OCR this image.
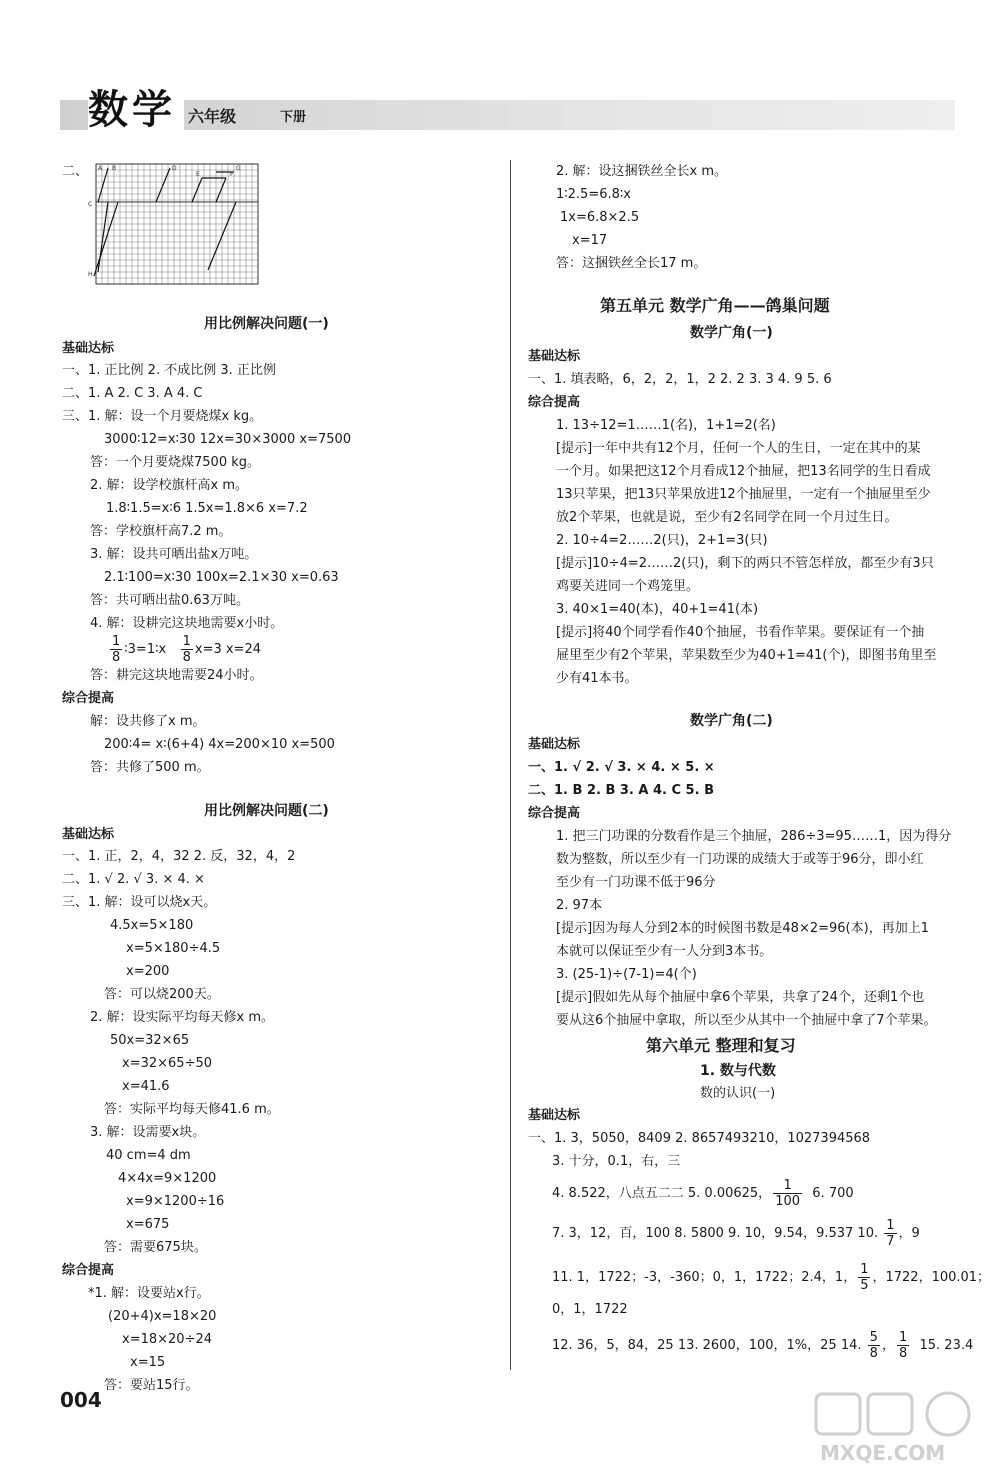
数学 六年级	下册
二、 A B
C
D
E	F
G
H
用比例解决问题(一)
基础达标
一、1. 正比例 2. 不成比例 3. 正比例
二、1. A 2. C 3. A 4. C
三、1. 解：设一个月要烧煤x kg。
3000∶12=x∶30 12x=30×3000 x=7500
答：一个月要烧煤7500 kg。
2. 解：设学校旗杆高x m。
1.8∶1.5=x∶6 1.5x=1.8×6 x=7.2
答：学校旗杆高7.2 m。
3. 解：设共可晒出盐x万吨。
2.1∶100=x∶30 100x=2.1×30 x=0.63
答：共可晒出盐0.63万吨。
4. 解：设耕完这块地需要x小时。
$\frac{1}{8}$ ∶3=1∶x $\frac{1}{8} x=3$ x=24
答：耕完这块地需要24小时。
综合提高
解：设共修了x m。
200∶4= x∶(6+4) 4x=200×10 x=500
答：共修了500 m。
用比例解决问题(二)
基础达标
一、1. 正，2，4，32 2. 反，32，4，2
二、1. √ 2. √ 3. × 4. ×
三、1. 解：设可以烧x天。
4.5x=5×180
x=5×180÷4.5
x=200
答：可以烧200天。
2. 解：设实际平均每天修x m。
50x=32×65
x=32×65÷50
x=41.6
答：实际平均每天修41.6 m。
3. 解：设需要x块。
40 cm=4 dm
4×4x=9×1200
x=9×1200÷16
x=675
答：需要675块。
综合提高
*1. 解：设要站x行。
(20+4)x=18×20
x=18×20÷24
x=15
答：要站15行。
2. 解：设这捆铁丝全长x m。
1∶2.5=6.8∶x
1x=6.8×2.5
x=17
答：这捆铁丝全长17 m。
第五单元 数学广角——鸽巢问题
数学广角(一)
基础达标
一、1. 填表略，6，2，2，1，2 2. 2 3. 3 4. 9 5. 6
综合提高
1. 13÷12=1……1(名)，1+1=2(名)
[提示]一年中共有12个月，任何一个人的生日，一定在其中的某
一个月。如果把这12个月看成12个抽屉，把13名同学的生日看成
13只苹果，把13只苹果放进12个抽屉里，一定有一个抽屉里至少
放2个苹果，也就是说，至少有2名同学在同一个月过生日。
2. 10÷4=2……2(只)，2+1=3(只)
[提示]10÷4=2……2(只)，剩下的两只不管怎样放，都至少有3只
鸡要关进同一个鸡笼里。
3. 40×1=40(本)，40+1=41(本)
[提示]将40个同学看作40个抽屉，书看作苹果。要保证有一个抽
屉里至少有2个苹果，苹果数至少为40+1=41(个)，即图书角里至
少有41本书。
数学广角(二)
基础达标
一、1. √ 2. √ 3. × 4. × 5. ×
二、1. B 2. B 3. A 4. C 5. B
综合提高
1. 把三门功课的分数看作是三个抽屉，286÷3=95……1，因为得分
数为整数，所以至少有一门功课的成绩大于或等于96分，即小红
至少有一门功课不低于96分
2. 97本
[提示]因为每人分到2本的时候图书数是48×2=96(本)，再加上1
本就可以保证至少有一人分到3本书。
3. (25-1)÷(7-1)=4(个)
[提示]假如先从每个抽屉中拿6个苹果，共拿了24个，还剩1个也
要从这6个抽屉中拿取，所以至少从其中一个抽屉中拿了7个苹果。
第六单元 整理和复习
1. 数与代数
数的认识(一)
基础达标
一、1. 3，5050，8409 2. 8657493210，1027394568
3. 十分，0.1，右，三
4. 8.522，八点五二二 5. 0.00625， $\frac{1}{100} 6$. 700
7. 3，12，百，100 8. 5800 9. 10，9.54，9.537 10. $\frac{1}{7}$ ，9
11. 1，1722；-3，-360；0，1，1722；2.4，1， $\frac{1}{5}$ ，1722，100.01；
0，1，1722
12. 36，5，84，25 13. 2600，100，1%，25 14. $\frac{5}{8}$ ， $\frac{1}{8} 15$. 23.4
004
MXQE.COM
